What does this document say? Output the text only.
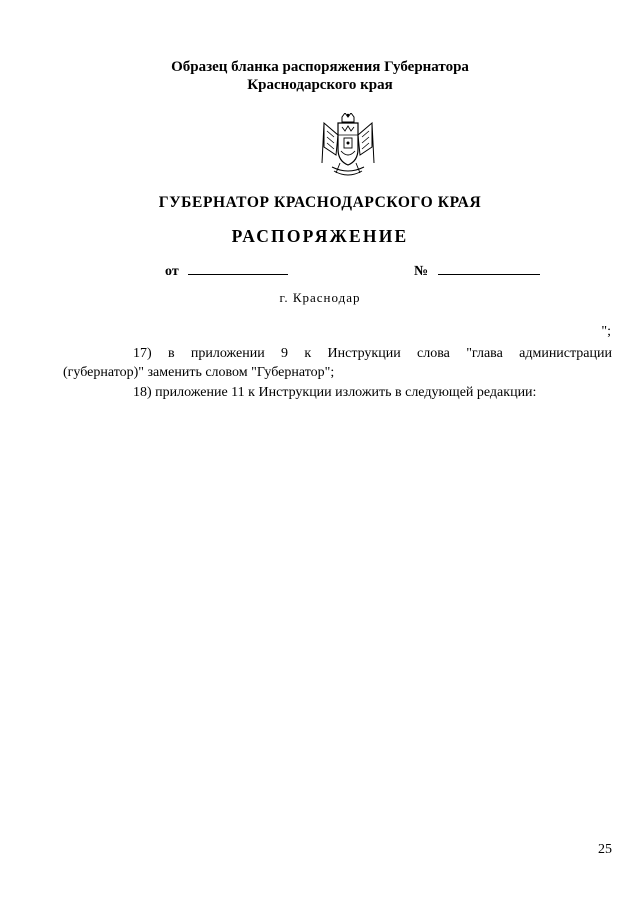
Образец бланка распоряжения Губернатора
Краснодарского края
ГУБЕРНАТОР КРАСНОДАРСКОГО КРАЯ
РАСПОРЯЖЕНИЕ
от	№
г. Краснодар
";
17) в приложении 9 к Инструкции слова "глава администрации
(губернатор)" заменить словом "Губернатор";
18) приложение 11 к Инструкции изложить в следующей редакции:
25
